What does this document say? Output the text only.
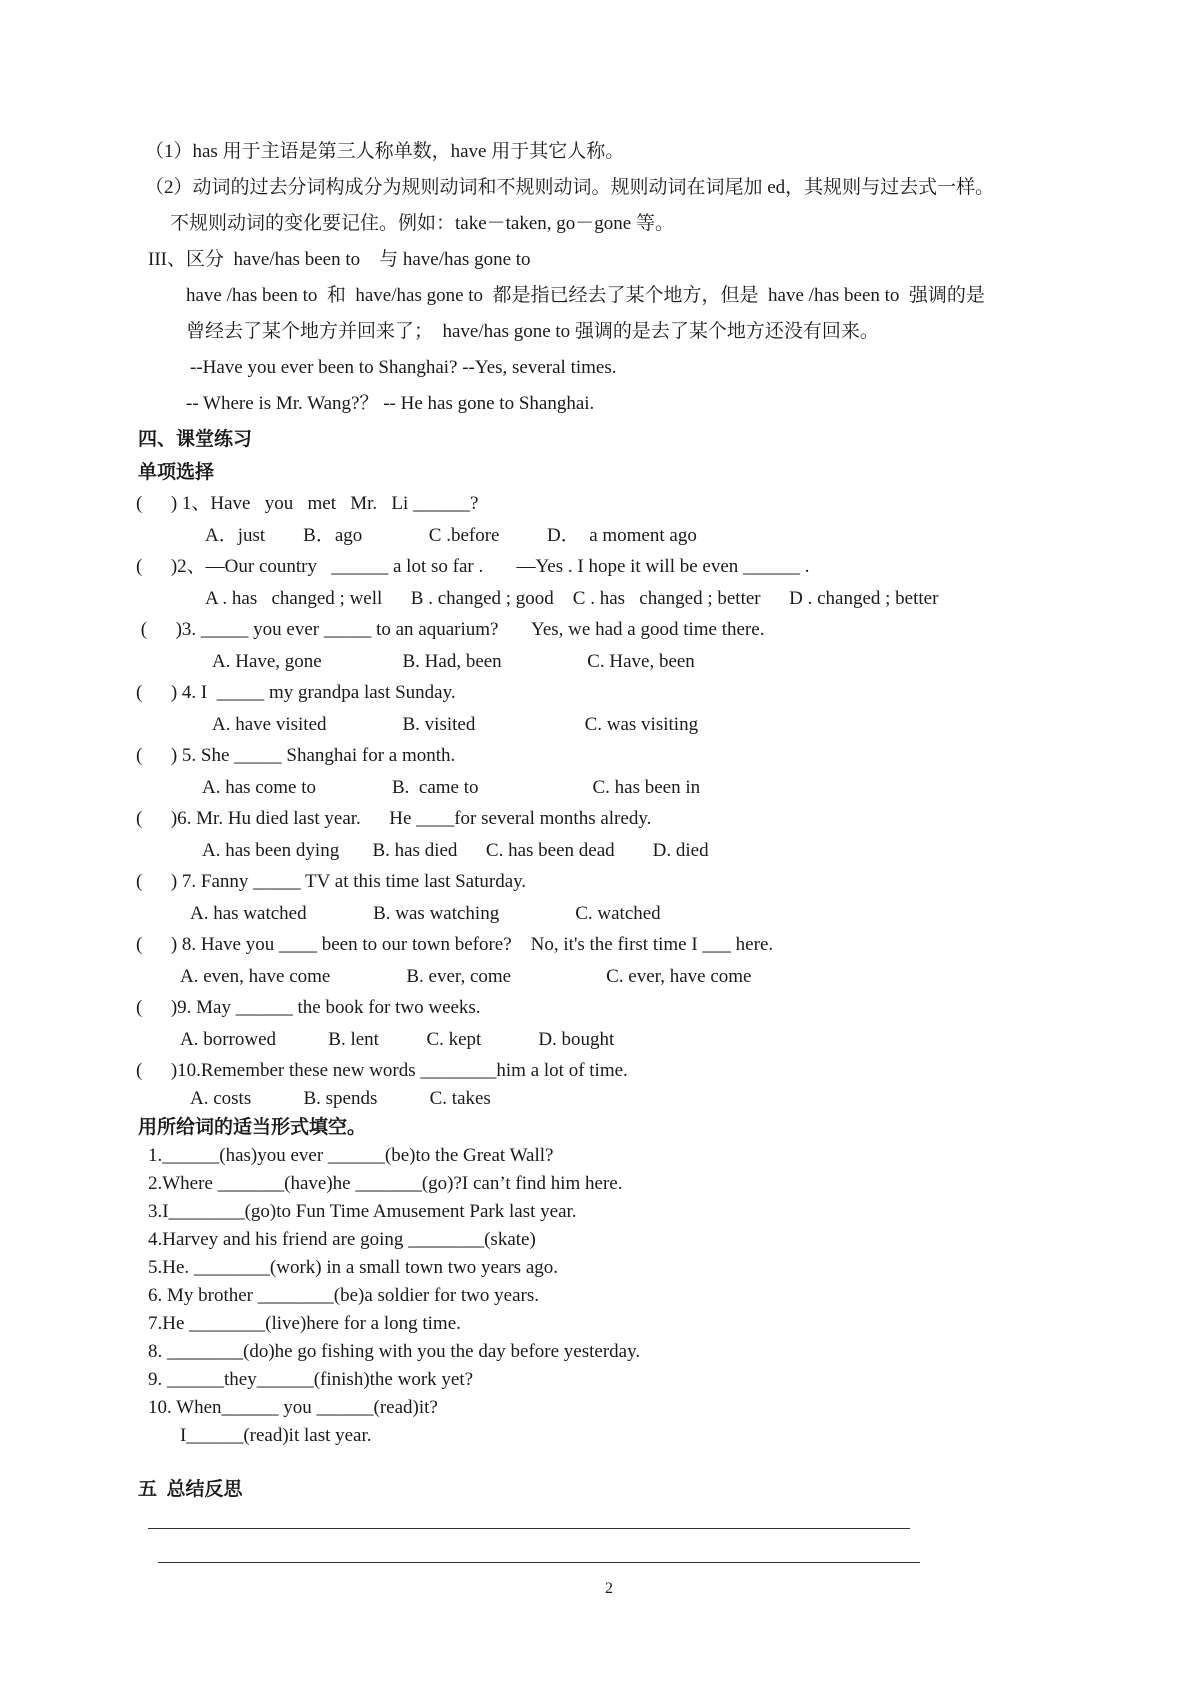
（1）has 用于主语是第三人称单数，have 用于其它人称。
（2）动词的过去分词构成分为规则动词和不规则动词。规则动词在词尾加 ed，其规则与过去式一样。
不规则动词的变化要记住。例如：take－taken, go－gone 等。
III、区分  have/has been to    与 have/has gone to
have /has been to  和  have/has gone to  都是指已经去了某个地方，但是  have /has been to  强调的是
曾经去了某个地方并回来了；  have/has gone to 强调的是去了某个地方还没有回来。
--Have you ever been to Shanghai? --Yes, several times.
-- Where is Mr. Wang?？ -- He has gone to Shanghai.
四、课堂练习
单项选择
(      ) 1、Have   you   met   Mr.   Li ______?
A．just        B．ago              C .before          D．  a moment ago
(      )2、—Our country   ______ a lot so far .       —Yes . I hope it will be even ______ .
A . has   changed ; well      B . changed ; good    C . has   changed ; better      D . changed ; better
(      )3. _____ you ever _____ to an aquarium?       Yes, we had a good time there.
A. Have, gone                 B. Had, been                  C. Have, been
(      ) 4. I  _____ my grandpa last Sunday.
A. have visited                B. visited                       C. was visiting
(      ) 5. She _____ Shanghai for a month.
A. has come to                B.  came to                        C. has been in
(      )6. Mr. Hu died last year.      He ____for several months alredy.
A. has been dying       B. has died      C. has been dead        D. died
(      ) 7. Fanny _____ TV at this time last Saturday.
A. has watched              B. was watching                C. watched
(      ) 8. Have you ____ been to our town before?    No, it's the first time I ___ here.
A. even, have come                B. ever, come                    C. ever, have come
(      )9. May ______ the book for two weeks.
A. borrowed           B. lent          C. kept            D. bought
(      )10.Remember these new words ________him a lot of time.
A. costs           B. spends           C. takes
用所给词的适当形式填空。
1.______(has)you ever ______(be)to the Great Wall?
2.Where _______(have)he _______(go)?I can’t find him here.
3.I________(go)to Fun Time Amusement Park last year.
4.Harvey and his friend are going ________(skate)
5.He. ________(work) in a small town two years ago.
6. My brother ________(be)a soldier for two years.
7.He ________(live)here for a long time.
8. ________(do)he go fishing with you the day before yesterday.
9. ______they______(finish)the work yet?
10. When______ you ______(read)it?
I______(read)it last year.
五  总结反思
2
